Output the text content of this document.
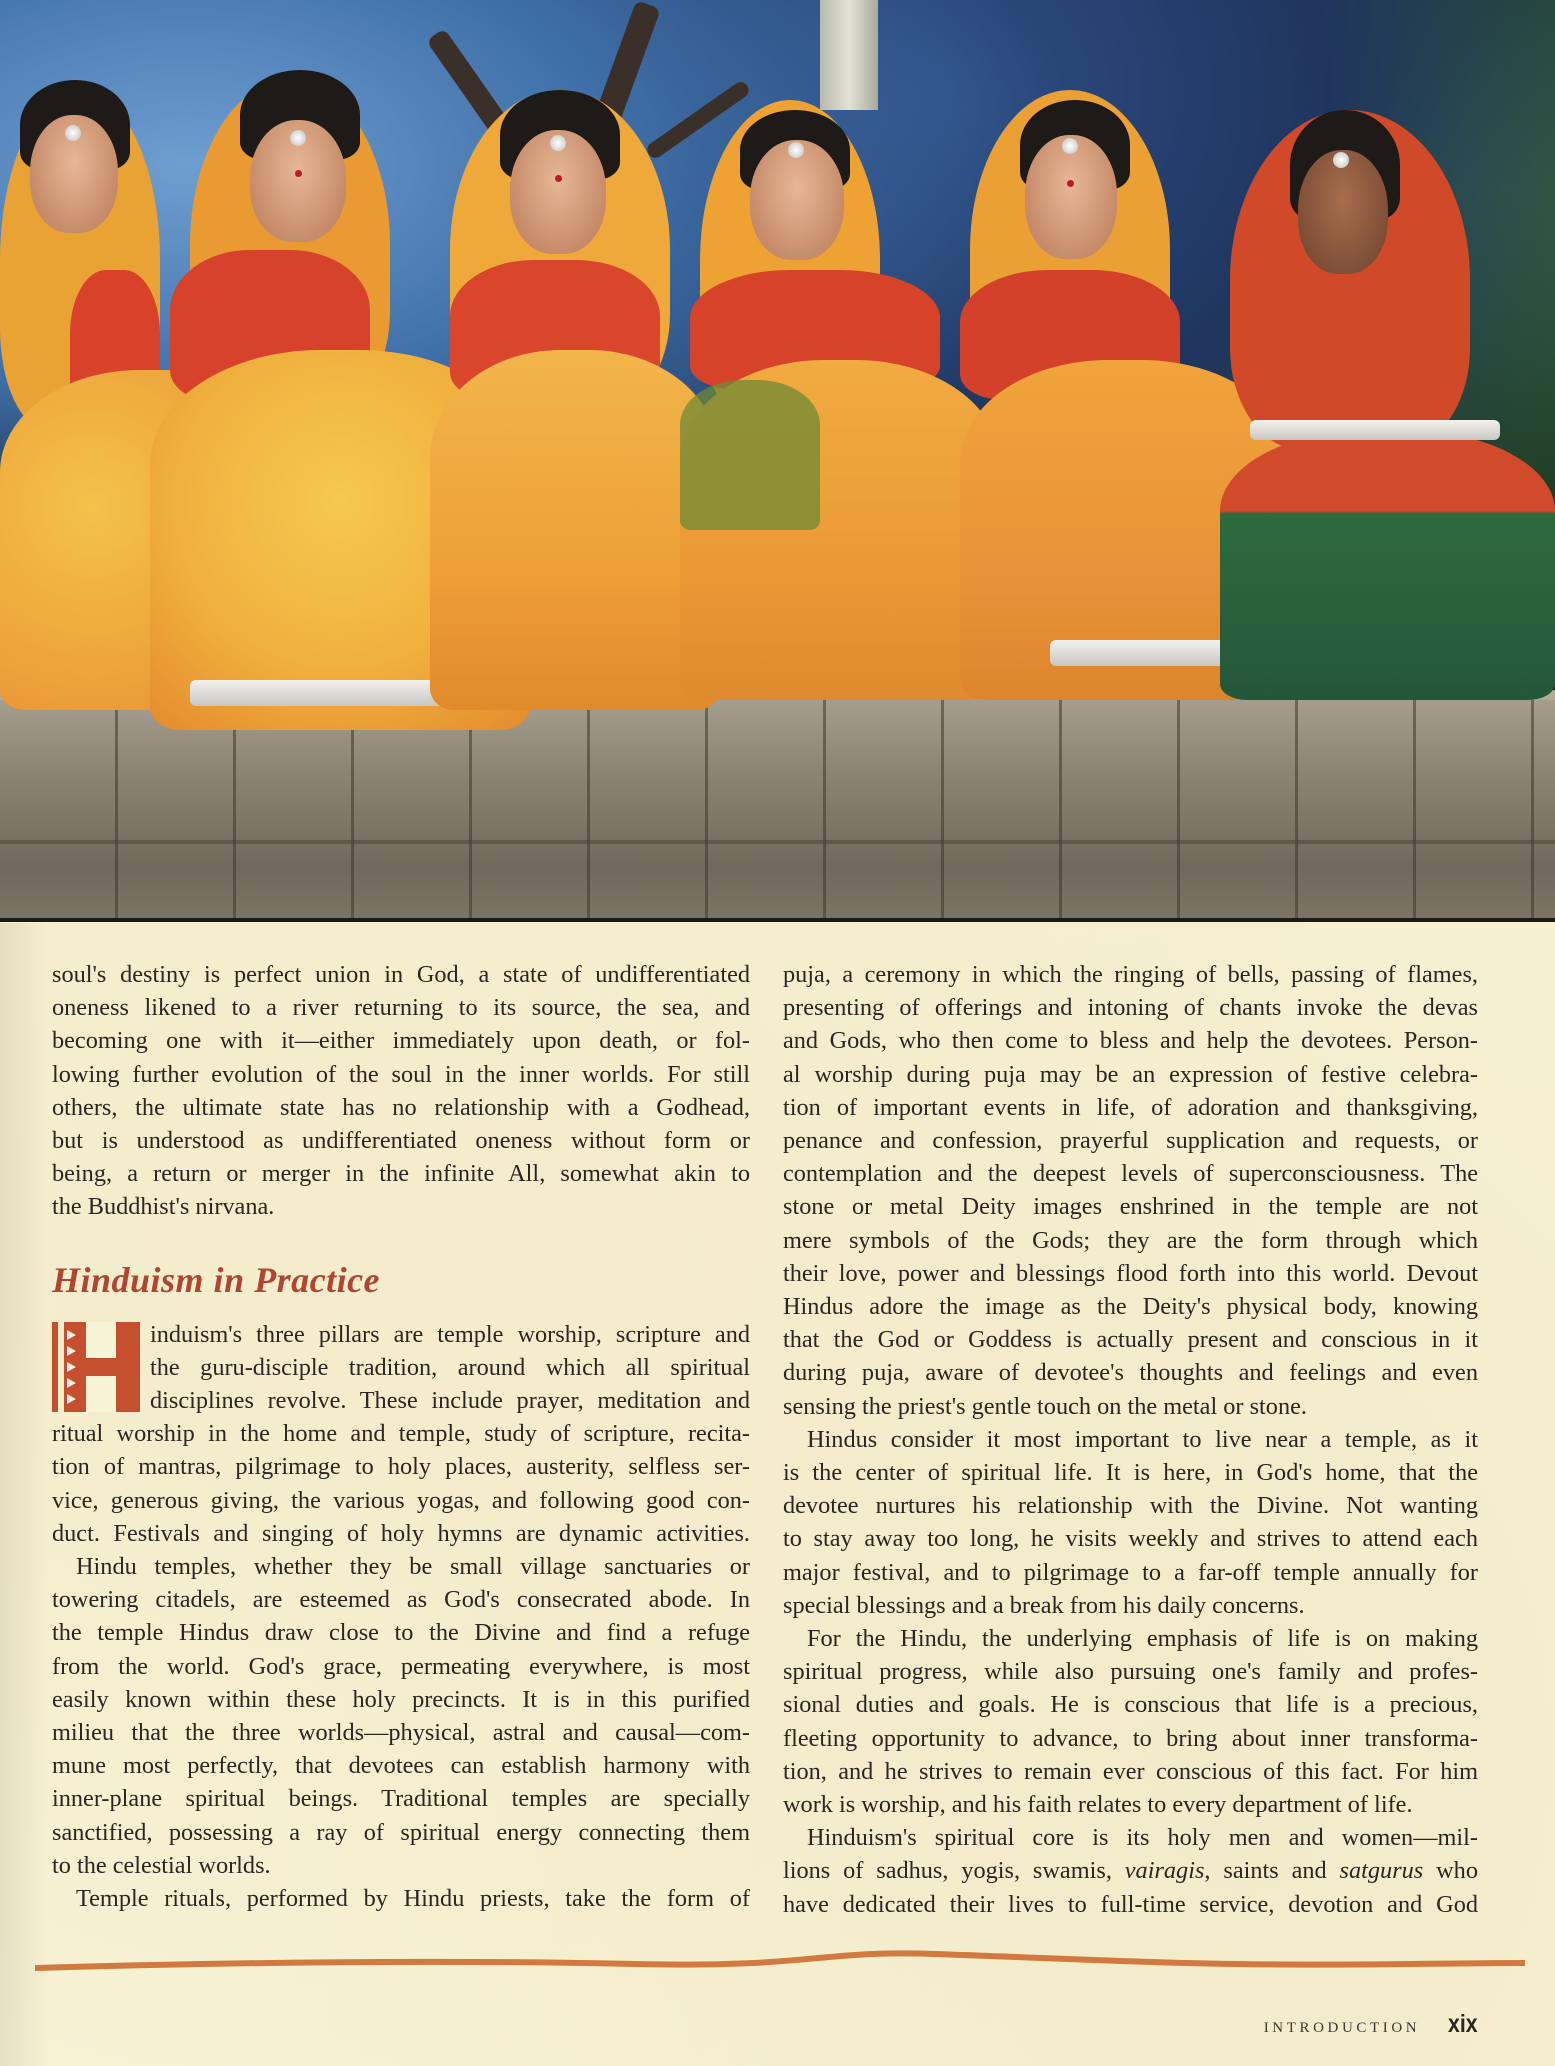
soul's destiny is perfect union in God, a state of undifferentiated
oneness likened to a river returning to its source, the sea, and
becoming one with it—either immediately upon death, or fol-
lowing further evolution of the soul in the inner worlds. For still
others, the ultimate state has no relationship with a Godhead,
but is understood as undifferentiated oneness without form or
being, a return or merger in the infinite All, somewhat akin to
the Buddhist's nirvana.

Hinduism in Practice

induism's three pillars are temple worship, scripture and
the guru-disciple tradition, around which all spiritual
disciplines revolve. These include prayer, meditation and
ritual worship in the home and temple, study of scripture, recita-
tion of mantras, pilgrimage to holy places, austerity, selfless ser-
vice, generous giving, the various yogas, and following good con-
duct. Festivals and singing of holy hymns are dynamic activities.

Hindu temples, whether they be small village sanctuaries or
towering citadels, are esteemed as God's consecrated abode. In
the temple Hindus draw close to the Divine and find a refuge
from the world. God's grace, permeating everywhere, is most
easily known within these holy precincts. It is in this purified
milieu that the three worlds—physical, astral and causal—com-
mune most perfectly, that devotees can establish harmony with
inner-plane spiritual beings. Traditional temples are specially
sanctified, possessing a ray of spiritual energy connecting them
to the celestial worlds.

Temple rituals, performed by Hindu priests, take the form of

puja, a ceremony in which the ringing of bells, passing of flames,
presenting of offerings and intoning of chants invoke the devas
and Gods, who then come to bless and help the devotees. Person-
al worship during puja may be an expression of festive celebra-
tion of important events in life, of adoration and thanksgiving,
penance and confession, prayerful supplication and requests, or
contemplation and the deepest levels of superconsciousness. The
stone or metal Deity images enshrined in the temple are not
mere symbols of the Gods; they are the form through which
their love, power and blessings flood forth into this world. Devout
Hindus adore the image as the Deity's physical body, knowing
that the God or Goddess is actually present and conscious in it
during puja, aware of devotee's thoughts and feelings and even
sensing the priest's gentle touch on the metal or stone.

Hindus consider it most important to live near a temple, as it
is the center of spiritual life. It is here, in God's home, that the
devotee nurtures his relationship with the Divine. Not wanting
to stay away too long, he visits weekly and strives to attend each
major festival, and to pilgrimage to a far-off temple annually for
special blessings and a break from his daily concerns.

For the Hindu, the underlying emphasis of life is on making
spiritual progress, while also pursuing one's family and profes-
sional duties and goals. He is conscious that life is a precious,
fleeting opportunity to advance, to bring about inner transforma-
tion, and he strives to remain ever conscious of this fact. For him
work is worship, and his faith relates to every department of life.

Hinduism's spiritual core is its holy men and women—mil-
lions of sadhus, yogis, swamis, vairagis, saints and satgurus who
have dedicated their lives to full-time service, devotion and God

INTRODUCTION xix
